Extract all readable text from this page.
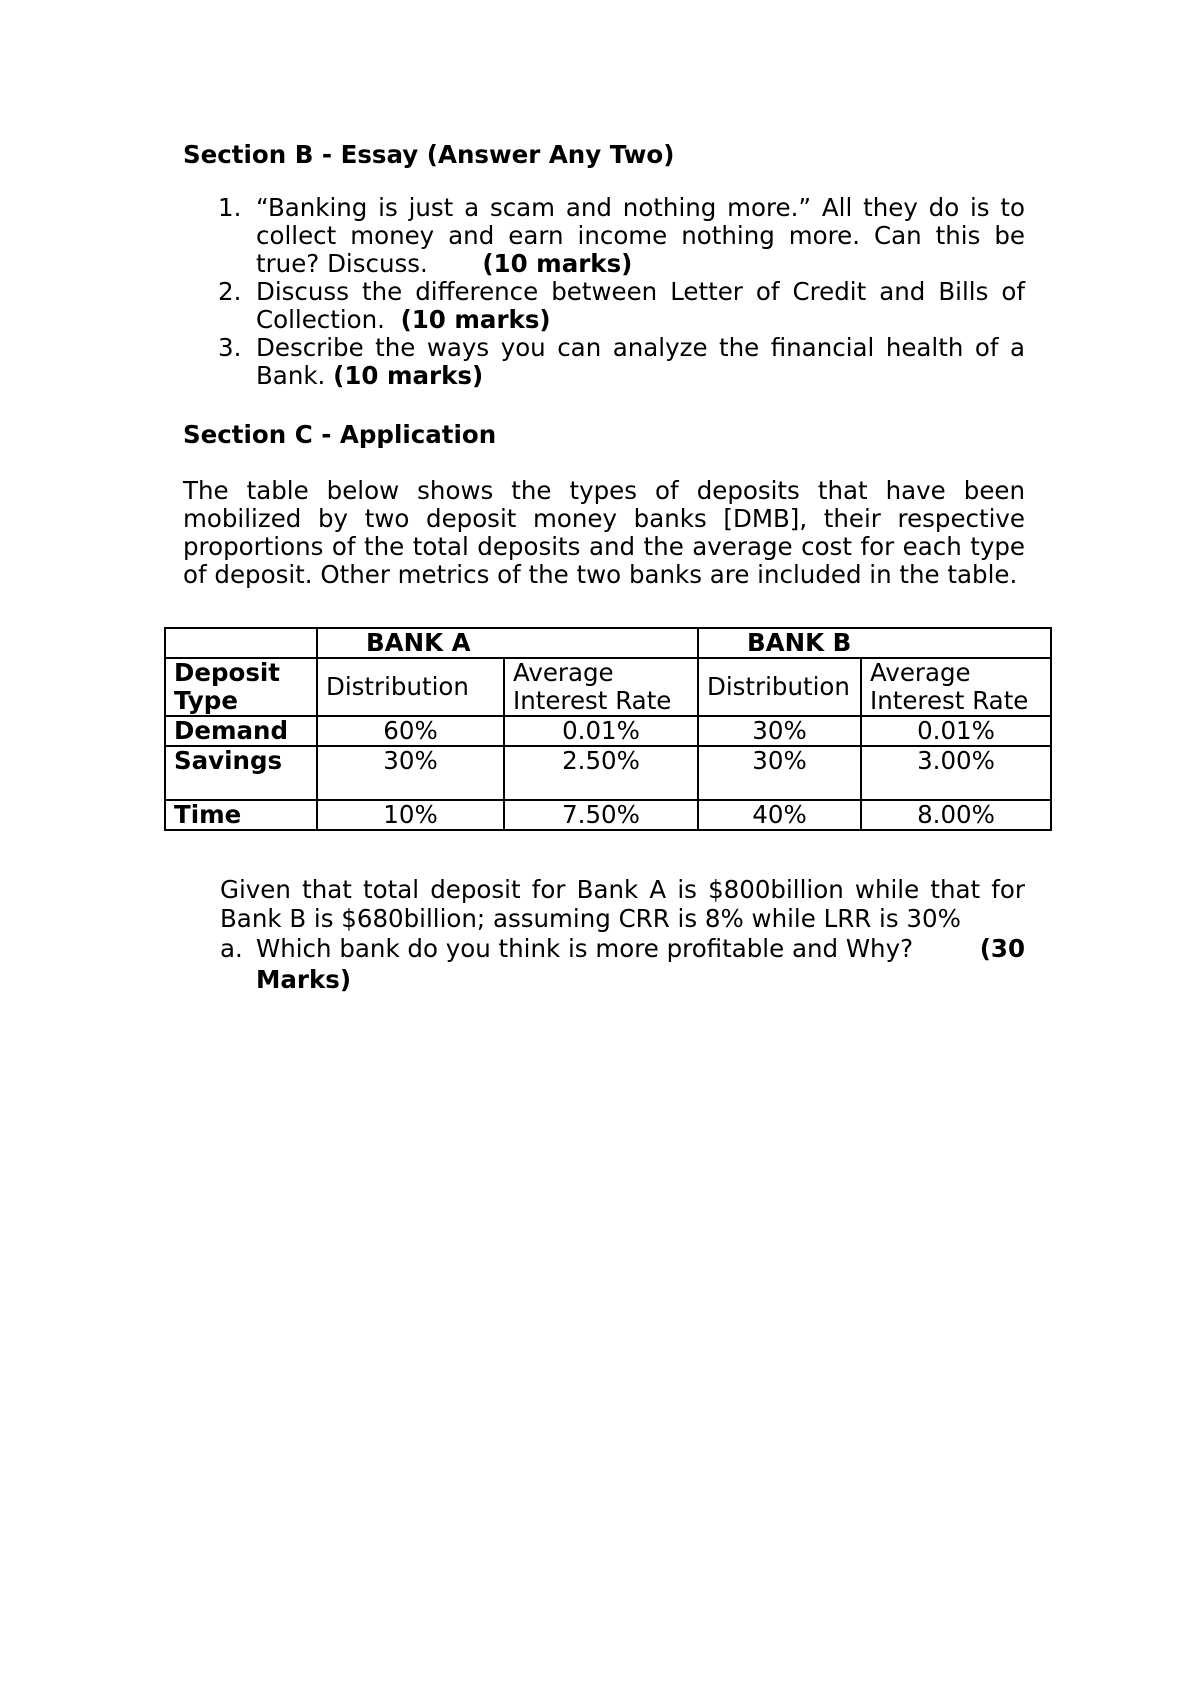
Section B - Essay (Answer Any Two)

1. “Banking is just a scam and nothing more.” All they do is to collect money and earn income nothing more. Can this be true? Discuss. (10 marks)
2. Discuss the difference between Letter of Credit and Bills of Collection. (10 marks)
3. Describe the ways you can analyze the financial health of a Bank. (10 marks)

Section C - Application

The table below shows the types of deposits that have been mobilized by two deposit money banks [DMB], their respective proportions of the total deposits and the average cost for each type of deposit. Other metrics of the two banks are included in the table.

	BANK A		BANK B	
Deposit Type	Distribution	Average Interest Rate	Distribution	Average Interest Rate
Demand	60%	0.01%	30%	0.01%
Savings	30%	2.50%	30%	3.00%
Time	10%	7.50%	40%	8.00%

Given that total deposit for Bank A is $800billion while that for Bank B is $680billion; assuming CRR is 8% while LRR is 30%

a. Which bank do you think is more profitable and Why?	(30
Marks)
